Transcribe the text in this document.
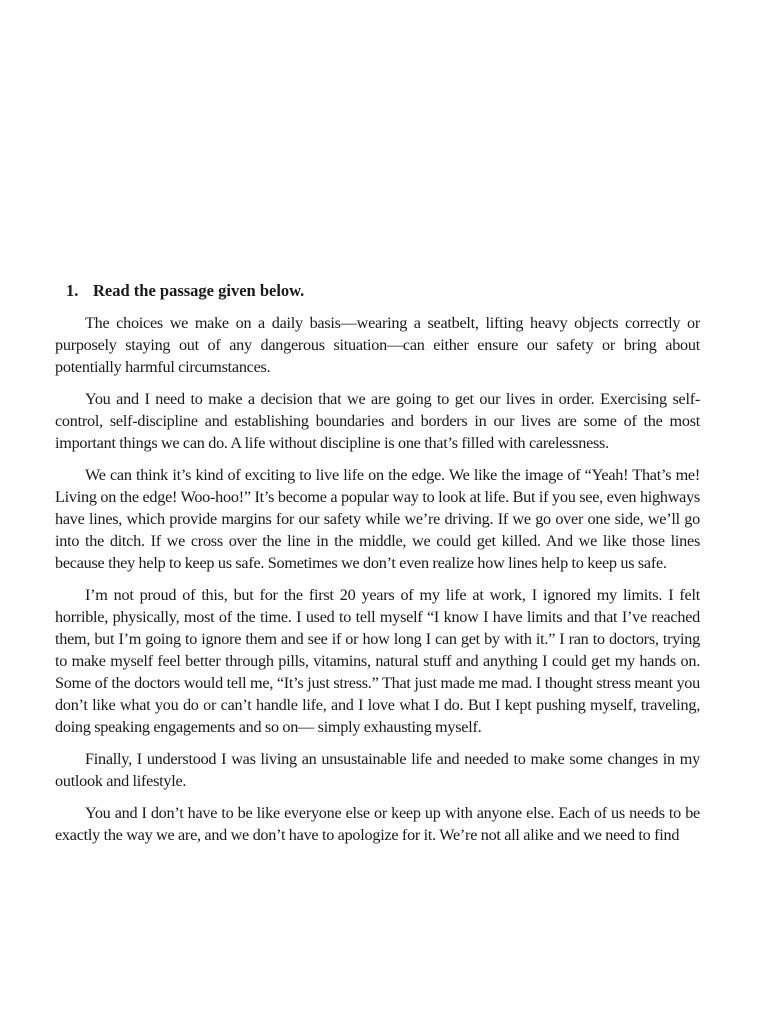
1. Read the passage given below.

The choices we make on a daily basis—wearing a seatbelt, lifting heavy objects correctly or purposely staying out of any dangerous situation—can either ensure our safety or bring about potentially harmful circumstances.

You and I need to make a decision that we are going to get our lives in order. Exercising self-control, self-discipline and establishing boundaries and borders in our lives are some of the most important things we can do. A life without discipline is one that’s filled with carelessness.

We can think it’s kind of exciting to live life on the edge. We like the image of “Yeah! That’s me! Living on the edge! Woo-hoo!” It’s become a popular way to look at life. But if you see, even highways have lines, which provide margins for our safety while we’re driving. If we go over one side, we’ll go into the ditch. If we cross over the line in the middle, we could get killed. And we like those lines because they help to keep us safe. Sometimes we don’t even realize how lines help to keep us safe.

I’m not proud of this, but for the first 20 years of my life at work, I ignored my limits. I felt horrible, physically, most of the time. I used to tell myself “I know I have limits and that I’ve reached them, but I’m going to ignore them and see if or how long I can get by with it.” I ran to doctors, trying to make myself feel better through pills, vitamins, natural stuff and anything I could get my hands on. Some of the doctors would tell me, “It’s just stress.” That just made me mad. I thought stress meant you don’t like what you do or can’t handle life, and I love what I do. But I kept pushing myself, traveling, doing speaking engagements and so on— simply exhausting myself.

Finally, I understood I was living an unsustainable life and needed to make some changes in my outlook and lifestyle.

You and I don’t have to be like everyone else or keep up with anyone else. Each of us needs to be exactly the way we are, and we don’t have to apologize for it. We’re not all alike and we need to find
